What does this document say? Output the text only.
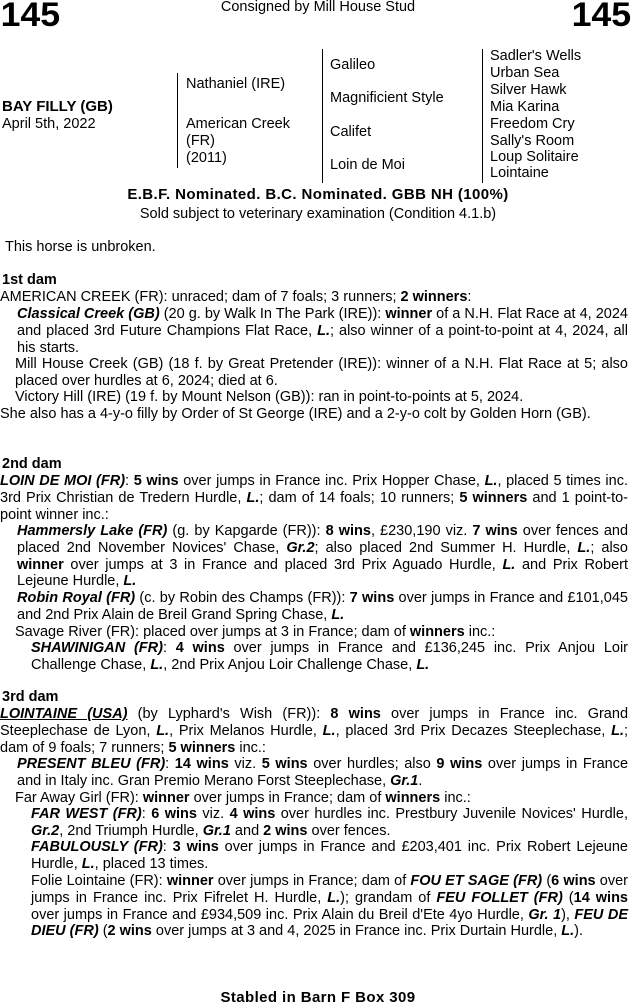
145	Consigned by Mill House Stud	145
BAY FILLY (GB)
April 5th, 2022
Nathaniel (IRE)
American Creek
(FR)
(2011)
Galileo
Magnificient Style
Califet
Loin de Moi
Sadler's Wells
Urban Sea
Silver Hawk
Mia Karina
Freedom Cry
Sally's Room
Loup Solitaire
Lointaine
E.B.F. Nominated. B.C. Nominated. GBB NH (100%)
Sold subject to veterinary examination (Condition 4.1.b)
This horse is unbroken.
1st dam
AMERICAN CREEK (FR): unraced; dam of 7 foals; 3 runners; 2 winners:
Classical Creek (GB) (20 g. by Walk In The Park (IRE)): winner of a N.H. Flat Race at 4, 2024 and placed 3rd Future Champions Flat Race, L.; also winner of a point-to-point at 4, 2024, all his starts.
Mill House Creek (GB) (18 f. by Great Pretender (IRE)): winner of a N.H. Flat Race at 5; also placed over hurdles at 6, 2024; died at 6.
Victory Hill (IRE) (19 f. by Mount Nelson (GB)): ran in point-to-points at 5, 2024.
She also has a 4-y-o filly by Order of St George (IRE) and a 2-y-o colt by Golden Horn (GB).
2nd dam
LOIN DE MOI (FR): 5 wins over jumps in France inc. Prix Hopper Chase, L., placed 5 times inc. 3rd Prix Christian de Tredern Hurdle, L.; dam of 14 foals; 10 runners; 5 winners and 1 point-to-point winner inc.:
Hammersly Lake (FR) (g. by Kapgarde (FR)): 8 wins, £230,190 viz. 7 wins over fences and placed 2nd November Novices' Chase, Gr.2; also placed 2nd Summer H. Hurdle, L.; also winner over jumps at 3 in France and placed 3rd Prix Aguado Hurdle, L. and Prix Robert Lejeune Hurdle, L.
Robin Royal (FR) (c. by Robin des Champs (FR)): 7 wins over jumps in France and £101,045 and 2nd Prix Alain de Breil Grand Spring Chase, L.
Savage River (FR): placed over jumps at 3 in France; dam of winners inc.:
SHAWINIGAN (FR): 4 wins over jumps in France and £136,245 inc. Prix Anjou Loir Challenge Chase, L., 2nd Prix Anjou Loir Challenge Chase, L.
3rd dam
LOINTAINE (USA) (by Lyphard's Wish (FR)): 8 wins over jumps in France inc. Grand Steeplechase de Lyon, L., Prix Melanos Hurdle, L., placed 3rd Prix Decazes Steeplechase, L.; dam of 9 foals; 7 runners; 5 winners inc.:
PRESENT BLEU (FR): 14 wins viz. 5 wins over hurdles; also 9 wins over jumps in France and in Italy inc. Gran Premio Merano Forst Steeplechase, Gr.1.
Far Away Girl (FR): winner over jumps in France; dam of winners inc.:
FAR WEST (FR): 6 wins viz. 4 wins over hurdles inc. Prestbury Juvenile Novices' Hurdle, Gr.2, 2nd Triumph Hurdle, Gr.1 and 2 wins over fences.
FABULOUSLY (FR): 3 wins over jumps in France and £203,401 inc. Prix Robert Lejeune Hurdle, L., placed 13 times.
Folie Lointaine (FR): winner over jumps in France; dam of FOU ET SAGE (FR) (6 wins over jumps in France inc. Prix Fifrelet H. Hurdle, L.); grandam of FEU FOLLET (FR) (14 wins over jumps in France and £934,509 inc. Prix Alain du Breil d'Ete 4yo Hurdle, Gr. 1), FEU DE DIEU (FR) (2 wins over jumps at 3 and 4, 2025 in France inc. Prix Durtain Hurdle, L.).
Stabled in Barn F Box 309
